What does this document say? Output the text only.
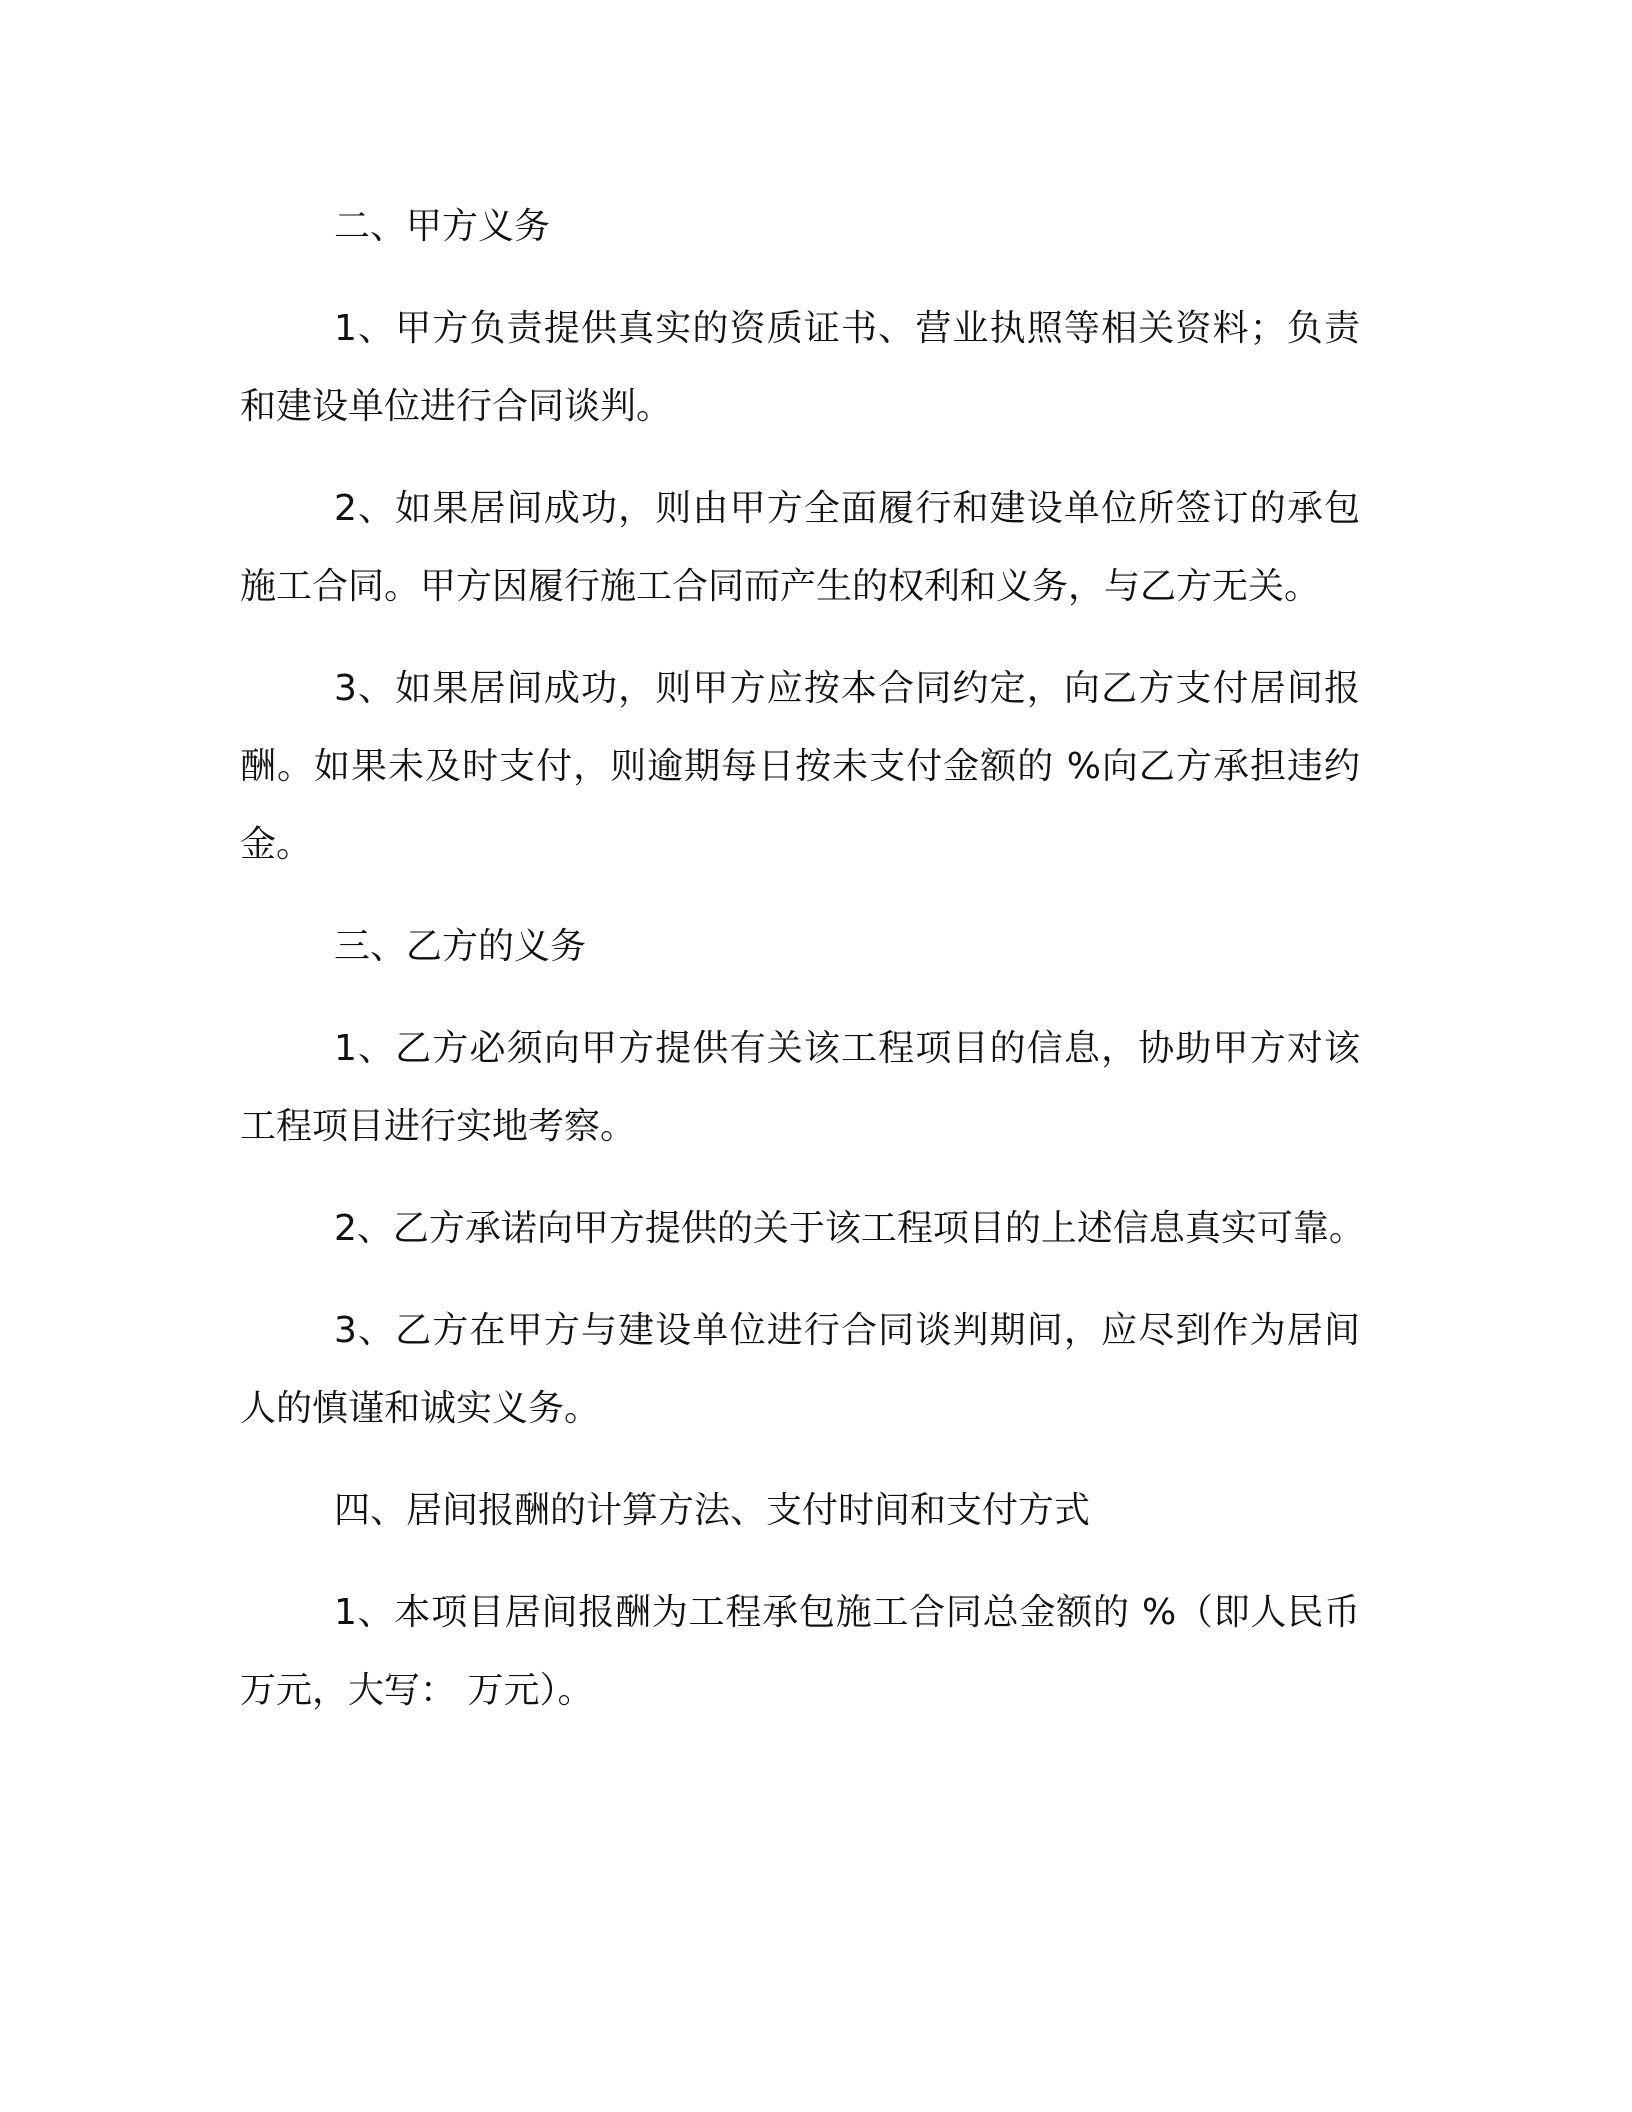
二、甲方义务
1、甲方负责提供真实的资质证书、营业执照等相关资料；负责和建设单位进行合同谈判。
2、如果居间成功，则由甲方全面履行和建设单位所签订的承包施工合同。甲方因履行施工合同而产生的权利和义务，与乙方无关。
3、如果居间成功，则甲方应按本合同约定，向乙方支付居间报酬。如果未及时支付，则逾期每日按未支付金额的 %向乙方承担违约金。
三、乙方的义务
1、乙方必须向甲方提供有关该工程项目的信息，协助甲方对该工程项目进行实地考察。
2、乙方承诺向甲方提供的关于该工程项目的上述信息真实可靠。
3、乙方在甲方与建设单位进行合同谈判期间，应尽到作为居间人的慎谨和诚实义务。
四、居间报酬的计算方法、支付时间和支付方式
1、本项目居间报酬为工程承包施工合同总金额的 %（即人民币 万元，大写： 万元）。
